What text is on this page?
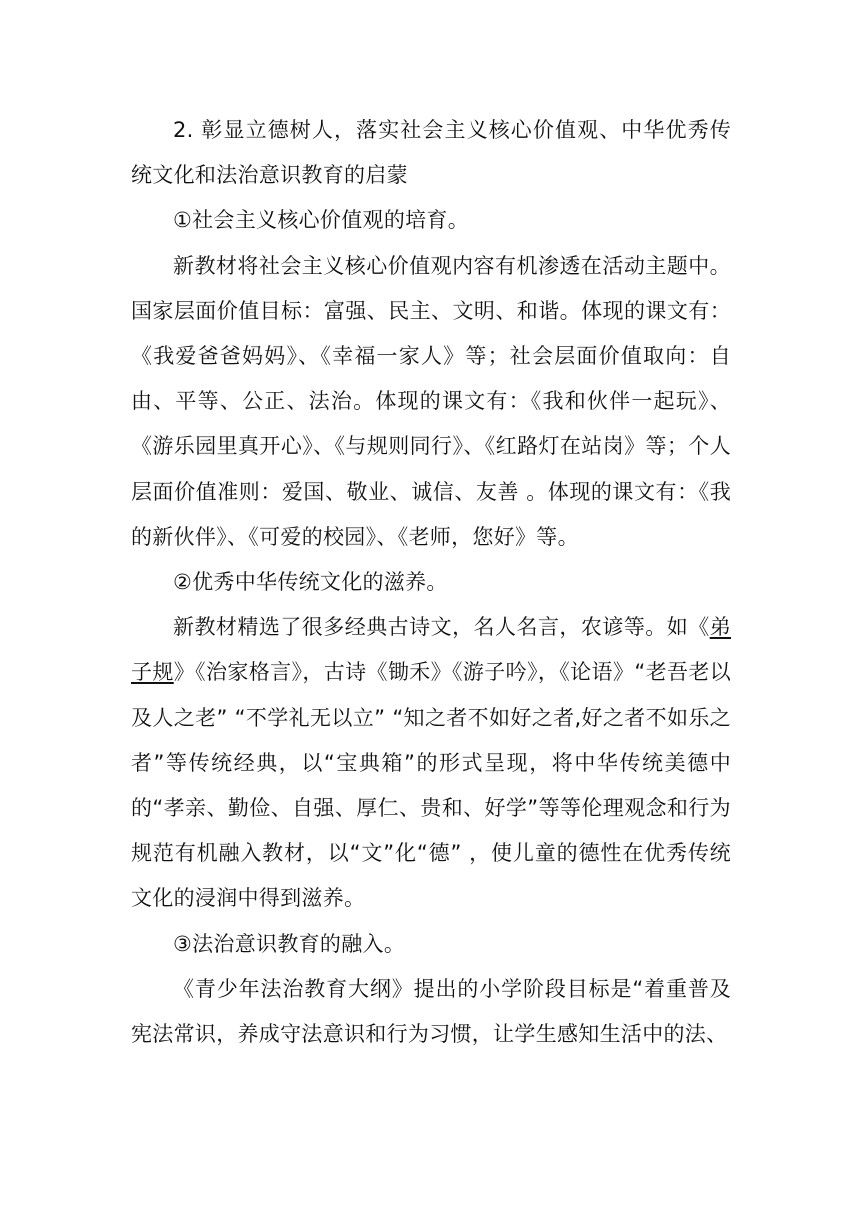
2. 彰显立德树人，落实社会主义核心价值观、中华优秀传统文化和法治意识教育的启蒙

①社会主义核心价值观的培育。

新教材将社会主义核心价值观内容有机渗透在活动主题中。国家层面价值目标：富强、民主、文明、和谐。体现的课文有：《我爱爸爸妈妈》、《幸福一家人》等；社会层面价值取向：自由、平等、公正、法治。体现的课文有：《我和伙伴一起玩》、《游乐园里真开心》、《与规则同行》、《红路灯在站岗》等；个人层面价值准则：爱国、敬业、诚信、友善 。体现的课文有：《我的新伙伴》、《可爱的校园》、《老师，您好》等。

②优秀中华传统文化的滋养。

新教材精选了很多经典古诗文，名人名言，农谚等。如《弟子规》《治家格言》，古诗《锄禾》《游子吟》，《论语》“老吾老以及人之老” “不学礼无以立” “知之者不如好之者,好之者不如乐之者”等传统经典，以“宝典箱”的形式呈现，将中华传统美德中的“孝亲、勤俭、自强、厚仁、贵和、好学”等等伦理观念和行为规范有机融入教材，以“文”化“德” ，使儿童的德性在优秀传统文化的浸润中得到滋养。

③法治意识教育的融入。

《青少年法治教育大纲》提出的小学阶段目标是“着重普及宪法常识，养成守法意识和行为习惯，让学生感知生活中的法、
